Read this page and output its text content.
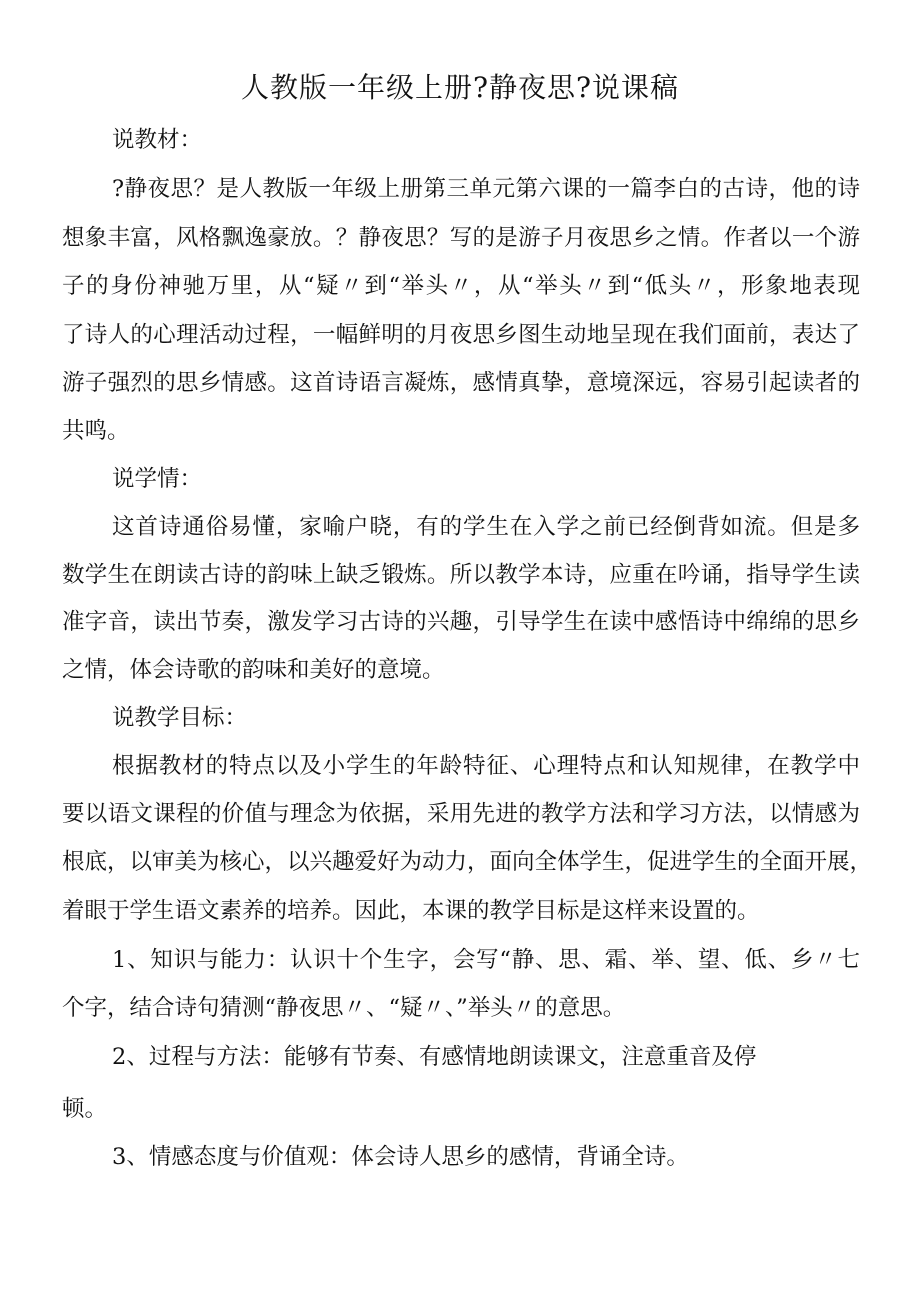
人教版一年级上册?静夜思?说课稿

说教材：

?静夜思？是人教版一年级上册第三单元第六课的一篇李白的古诗，他的诗

想象丰富，风格飘逸豪放。？静夜思？写的是游子月夜思乡之情。作者以一个游

子的身份神驰万里，从“疑〃到“举头〃，从“举头〃到“低头〃，形象地表现

了诗人的心理活动过程，一幅鲜明的月夜思乡图生动地呈现在我们面前，表达了

游子强烈的思乡情感。这首诗语言凝炼，感情真挚，意境深远，容易引起读者的

共鸣。

说学情：

这首诗通俗易懂，家喻户晓，有的学生在入学之前已经倒背如流。但是多

数学生在朗读古诗的韵味上缺乏锻炼。所以教学本诗，应重在吟诵，指导学生读

准字音，读出节奏，激发学习古诗的兴趣，引导学生在读中感悟诗中绵绵的思乡

之情，体会诗歌的韵味和美好的意境。

说教学目标：

根据教材的特点以及小学生的年龄特征、心理特点和认知规律，在教学中

要以语文课程的价值与理念为依据，采用先进的教学方法和学习方法，以情感为

根底，以审美为核心，以兴趣爱好为动力，面向全体学生，促进学生的全面开展，

着眼于学生语文素养的培养。因此，本课的教学目标是这样来设置的。

1、知识与能力：认识十个生字，会写“静、思、霜、举、望、低、乡〃七

个字，结合诗句猜测“静夜思〃、“疑〃、”举头〃的意思。

2、过程与方法：能够有节奏、有感情地朗读课文，注意重音及停

顿。

3、情感态度与价值观：体会诗人思乡的感情，背诵全诗。
